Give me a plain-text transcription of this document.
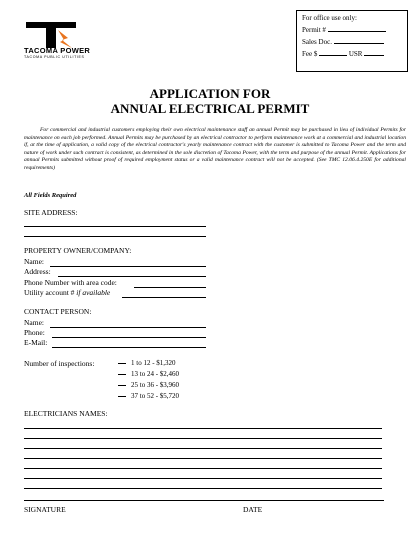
TACOMA POWER
TACOMA PUBLIC UTILITIES
For office use only:
Permit #
Sales Doc.
Fee $	USR
APPLICATION FOR
ANNUAL ELECTRICAL PERMIT
For commercial and industrial customers employing their own electrical maintenance staff an annual Permit may be purchased in lieu of individual Permits for maintenance on each job performed. Annual Permits may be purchased by an electrical contractor to perform maintenance work at a commercial and industrial location if, at the time of application, a valid copy of the electrical contractor's yearly maintenance contract with the customer is submitted to Tacoma Power and the term and nature of work under such contract is consistent, as determined in the sole discretion of Tacoma Power, with the term and purpose of the annual Permit. Applications for annual Permits submitted without proof of required employment status or a valid maintenance contract will not be accepted. (See TMC 12.06.4.250E for additional requirements)
All Fields Required
SITE ADDRESS:
PROPERTY OWNER/COMPANY:
Name:
Address:
Phone Number with area code:
Utility account # if available
CONTACT PERSON:
Name:
Phone:
E-Mail:
Number of inspections:	1 to 12 - $1,320
13 to 24 - $2,460
25 to 36 - $3,960
37 to 52 - $5,720
ELECTRICIANS NAMES:
SIGNATURE	DATE
